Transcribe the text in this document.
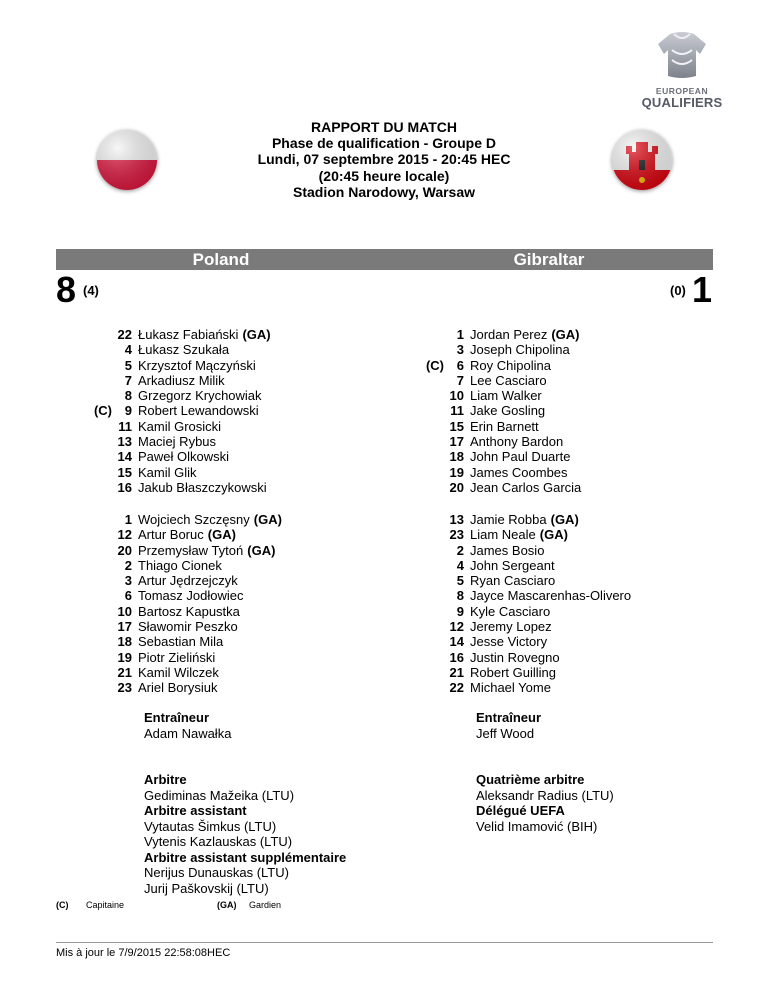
EUROPEAN
QUALIFIERS
RAPPORT DU MATCH
Phase de qualification - Groupe D
Lundi, 07 septembre 2015 - 20:45 HEC
(20:45 heure locale)
Stadion Narodowy, Warsaw
Poland	Gibraltar
8 (4)	(0) 1
22 Łukasz Fabiański (GA)
4 Łukasz Szukała
5 Krzysztof Mączyński
7 Arkadiusz Milik
8 Grzegorz Krychowiak
(C) 9 Robert Lewandowski
11 Kamil Grosicki
13 Maciej Rybus
14 Paweł Olkowski
15 Kamil Glik
16 Jakub Błaszczykowski
1 Wojciech Szczęsny (GA)
12 Artur Boruc (GA)
20 Przemysław Tytoń (GA)
2 Thiago Cionek
3 Artur Jędrzejczyk
6 Tomasz Jodłowiec
10 Bartosz Kapustka
17 Sławomir Peszko
18 Sebastian Mila
19 Piotr Zieliński
21 Kamil Wilczek
23 Ariel Borysiuk
1 Jordan Perez (GA)
3 Joseph Chipolina
(C) 6 Roy Chipolina
7 Lee Casciaro
10 Liam Walker
11 Jake Gosling
15 Erin Barnett
17 Anthony Bardon
18 John Paul Duarte
19 James Coombes
20 Jean Carlos Garcia
13 Jamie Robba (GA)
23 Liam Neale (GA)
2 James Bosio
4 John Sergeant
5 Ryan Casciaro
8 Jayce Mascarenhas-Olivero
9 Kyle Casciaro
12 Jeremy Lopez
14 Jesse Victory
16 Justin Rovegno
21 Robert Guilling
22 Michael Yome
Entraîneur
Adam Nawałka
Entraîneur
Jeff Wood
Arbitre
Gediminas Mažeika (LTU)
Arbitre assistant
Vytautas Šimkus (LTU)
Vytenis Kazlauskas (LTU)
Arbitre assistant supplémentaire
Nerijus Dunauskas (LTU)
Jurij Paškovskij (LTU)
Quatrième arbitre
Aleksandr Radius (LTU)
Délégué UEFA
Velid Imamović (BIH)
(C) Capitaine	(GA) Gardien
Mis à jour le 7/9/2015 22:58:08HEC
